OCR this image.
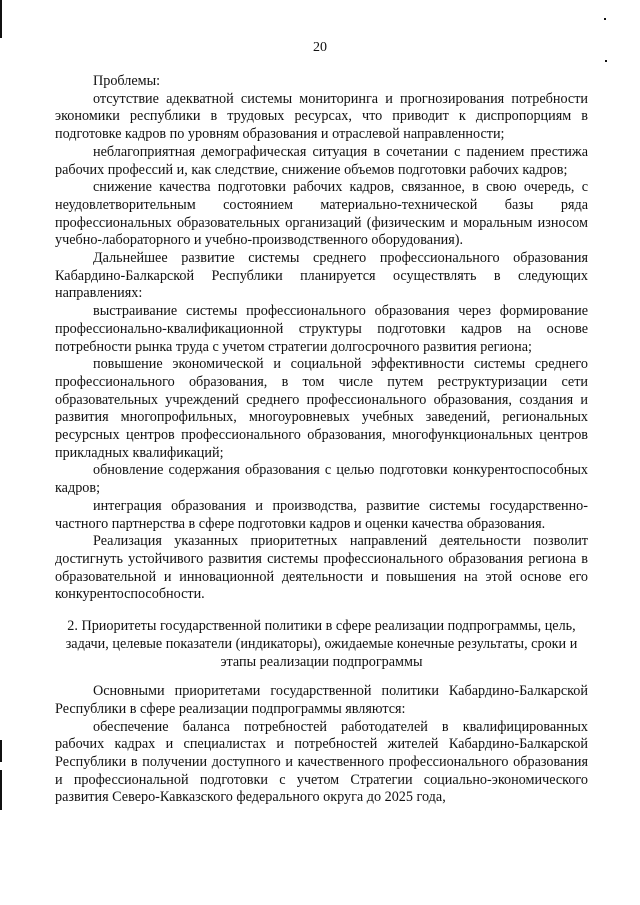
20

Проблемы:

отсутствие адекватной системы мониторинга и прогнозирования потребности экономики республики в трудовых ресурсах, что приводит к диспропорциям в подготовке кадров по уровням образования и отраслевой направленности;

неблагоприятная демографическая ситуация в сочетании с падением престижа рабочих профессий и, как следствие, снижение объемов подготовки рабочих кадров;

снижение качества подготовки рабочих кадров, связанное, в свою очередь, с неудовлетворительным состоянием материально-технической базы ряда профессиональных образовательных организаций (физическим и моральным износом учебно-лабораторного и учебно-производственного оборудования).

Дальнейшее развитие системы среднего профессионального образования Кабардино-Балкарской Республики планируется осуществлять в следующих направлениях:

выстраивание системы профессионального образования через формирование профессионально-квалификационной структуры подготовки кадров на основе потребности рынка труда с учетом стратегии долгосрочного развития региона;

повышение экономической и социальной эффективности системы среднего профессионального образования, в том числе путем реструктуризации сети образовательных учреждений среднего профессионального образования, создания и развития многопрофильных, многоуровневых учебных заведений, региональных ресурсных центров профессионального образования, многофункциональных центров прикладных квалификаций;

обновление содержания образования с целью подготовки конкурентоспособных кадров;

интеграция образования и производства, развитие системы государственно-частного партнерства в сфере подготовки кадров и оценки качества образования.

Реализация указанных приоритетных направлений деятельности позволит достигнуть устойчивого развития системы профессионального образования региона в образовательной и инновационной деятельности и повышения на этой основе его конкурентоспособности.

2. Приоритеты государственной политики в сфере реализации подпрограммы, цель, задачи, целевые показатели (индикаторы), ожидаемые конечные результаты, сроки и этапы реализации подпрограммы

Основными приоритетами государственной политики Кабардино-Балкарской Республики в сфере реализации подпрограммы являются:

обеспечение баланса потребностей работодателей в квалифицированных рабочих кадрах и специалистах и потребностей жителей Кабардино-Балкарской Республики в получении доступного и качественного профессионального образования и профессиональной подготовки с учетом Стратегии социально-экономического развития Северо-Кавказского федерального округа до 2025 года,
